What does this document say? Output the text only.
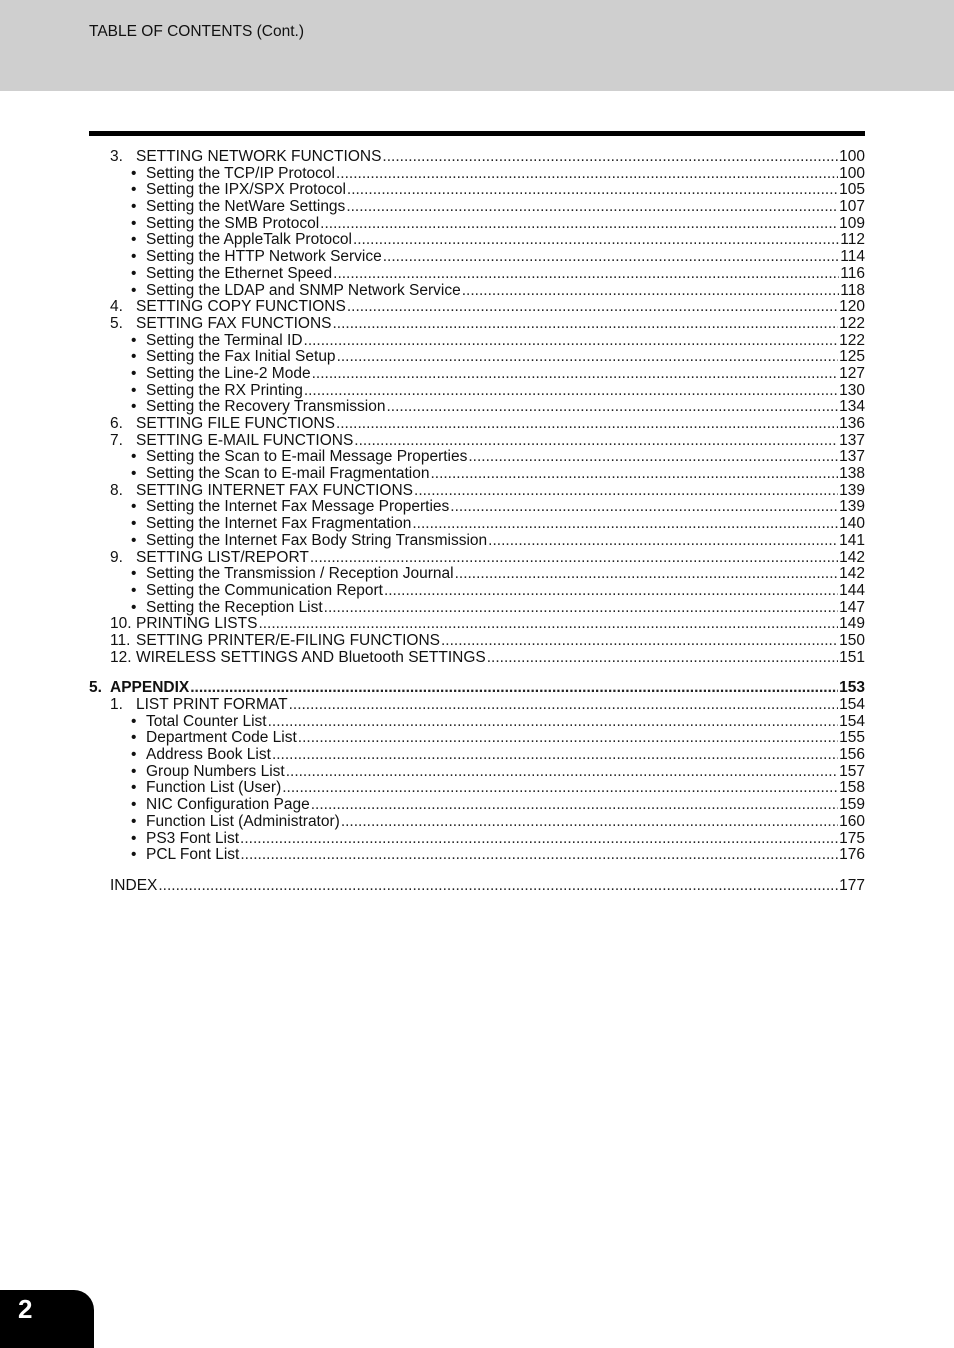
TABLE OF CONTENTS (Cont.)
3. SETTING NETWORK FUNCTIONS .....	100
• Setting the TCP/IP Protocol .....	100
• Setting the IPX/SPX Protocol .....	105
• Setting the NetWare Settings .....	107
• Setting the SMB Protocol .....	109
• Setting the AppleTalk Protocol .....	112
• Setting the HTTP Network Service .....	114
• Setting the Ethernet Speed .....	116
• Setting the LDAP and SNMP Network Service .....	118
4. SETTING COPY FUNCTIONS .....	120
5. SETTING FAX FUNCTIONS .....	122
• Setting the Terminal ID .....	122
• Setting the Fax Initial Setup .....	125
• Setting the Line-2 Mode .....	127
• Setting the RX Printing .....	130
• Setting the Recovery Transmission .....	134
6. SETTING FILE FUNCTIONS .....	136
7. SETTING E-MAIL FUNCTIONS .....	137
• Setting the Scan to E-mail Message Properties .....	137
• Setting the Scan to E-mail Fragmentation .....	138
8. SETTING INTERNET FAX FUNCTIONS .....	139
• Setting the Internet Fax Message Properties .....	139
• Setting the Internet Fax Fragmentation .....	140
• Setting the Internet Fax Body String Transmission .....	141
9. SETTING LIST/REPORT .....	142
• Setting the Transmission / Reception Journal .....	142
• Setting the Communication Report .....	144
• Setting the Reception List .....	147
10. PRINTING LISTS .....	149
11. SETTING PRINTER/E-FILING FUNCTIONS .....	150
12. WIRELESS SETTINGS AND Bluetooth SETTINGS .....	151
5. APPENDIX .....	153
1. LIST PRINT FORMAT .....	154
• Total Counter List .....	154
• Department Code List .....	155
• Address Book List .....	156
• Group Numbers List .....	157
• Function List (User) .....	158
• NIC Configuration Page .....	159
• Function List (Administrator) .....	160
• PS3 Font List .....	175
• PCL Font List .....	176
INDEX .....	177
2
